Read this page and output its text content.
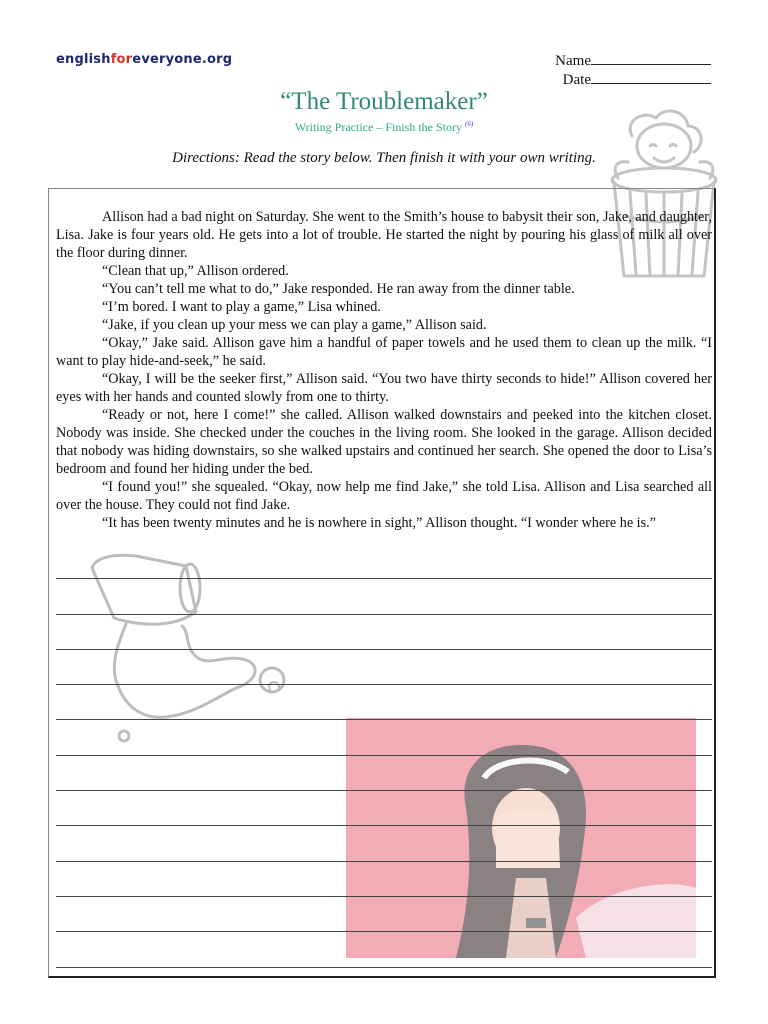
englishforeveryone.org	Name
Date
“The Troublemaker”
Writing Practice – Finish the Story $^{(6)}$
Directions: Read the story below. Then finish it with your own writing.

Allison had a bad night on Saturday. She went to the Smith’s house to babysit their son, Jake, and daughter, Lisa. Jake is four years old. He gets into a lot of trouble. He started the night by pouring his glass of milk all over the floor during dinner.

“Clean that up,” Allison ordered.

“You can’t tell me what to do,” Jake responded. He ran away from the dinner table.

“I’m bored. I want to play a game,” Lisa whined.

“Jake, if you clean up your mess we can play a game,” Allison said.

“Okay,” Jake said. Allison gave him a handful of paper towels and he used them to clean up the milk. “I want to play hide-and-seek,” he said.

“Okay, I will be the seeker first,” Allison said. “You two have thirty seconds to hide!” Allison covered her eyes with her hands and counted slowly from one to thirty.

“Ready or not, here I come!” she called. Allison walked downstairs and peeked into the kitchen closet. Nobody was inside. She checked under the couches in the living room. She looked in the garage. Allison decided that nobody was hiding downstairs, so she walked upstairs and continued her search. She opened the door to Lisa’s bedroom and found her hiding under the bed.

“I found you!” she squealed. “Okay, now help me find Jake,” she told Lisa. Allison and Lisa searched all over the house. They could not find Jake.

“It has been twenty minutes and he is nowhere in sight,” Allison thought. “I wonder where he is.”
